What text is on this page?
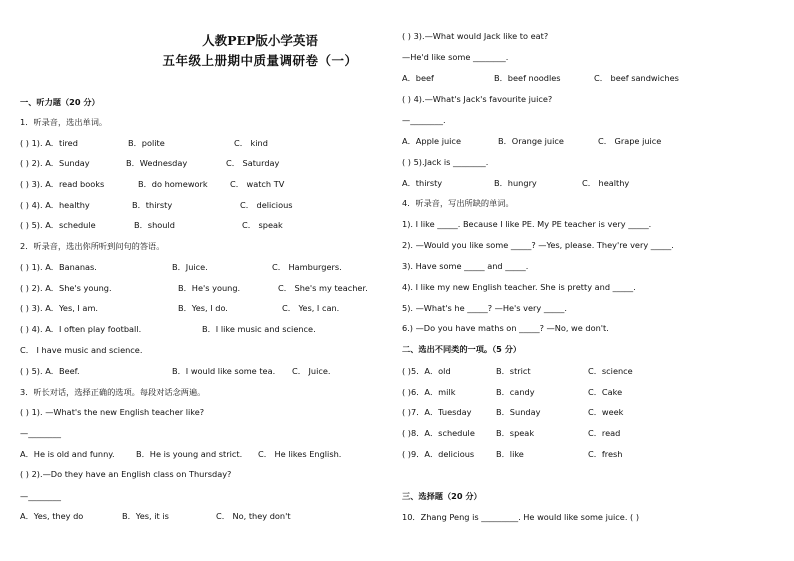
人教PEP版小学英语
五年级上册期中质量调研卷（一）
一、听力题（20 分）
1．听录音，选出单词。
( ) 1). A．tired	B．polite	C． kind
( ) 2). A．Sunday	B．Wednesday	C． Saturday
( ) 3). A．read books	B．do homework	C． watch TV
( ) 4). A．healthy	B．thirsty	C． delicious
( ) 5). A．schedule	B．should	C． speak
2．听录音，选出你所听到问句的答语。
( ) 1). A．Bananas.	B．Juice.	C． Hamburgers.
( ) 2). A．She's young.	B．He's young.	C． She's my teacher.
( ) 3). A．Yes, I am.	B．Yes, I do.	C． Yes, I can.
( ) 4). A．I often play football.	B．I like music and science.
C． I have music and science.
( ) 5). A．Beef.	B．I would like some tea. C． Juice.
3．听长对话，选择正确的选项。每段对话念两遍。
( ) 1). —What's the new English teacher like?
—________
A．He is old and funny.	B．He is young and strict. C． He likes English.
( ) 2).—Do they have an English class on Thursday?
—________
A．Yes, they do	B．Yes, it is	C． No, they don't
( ) 3).—What would Jack like to eat?
—He'd like some ________.
A．beef	B．beef noodles	C． beef sandwiches
( ) 4).—What's Jack's favourite juice?
—________.
A．Apple juice	B．Orange juice	C． Grape juice
( ) 5).Jack is ________.
A．thirsty	B．hungry	C． healthy
4．听录音，写出所缺的单词。
1). I like _____. Because I like PE. My PE teacher is very _____.
2). —Would you like some _____? —Yes, please. They're very _____.
3). Have some _____ and _____.
4). I like my new English teacher. She is pretty and _____.
5). —What's he _____? —He's very _____.
6.) —Do you have maths on _____? —No, we don't.
二、选出不同类的一项。（5 分）
( )5．A．old	B．strict	C．science
( )6．A．milk	B．candy	C．Cake
( )7．A．Tuesday	B．Sunday	C．week
( )8．A．schedule	B．speak	C．read
( )9．A．delicious	B．like	C．fresh
三、选择题（20 分）
10．Zhang Peng is _________. He would like some juice. ( )
